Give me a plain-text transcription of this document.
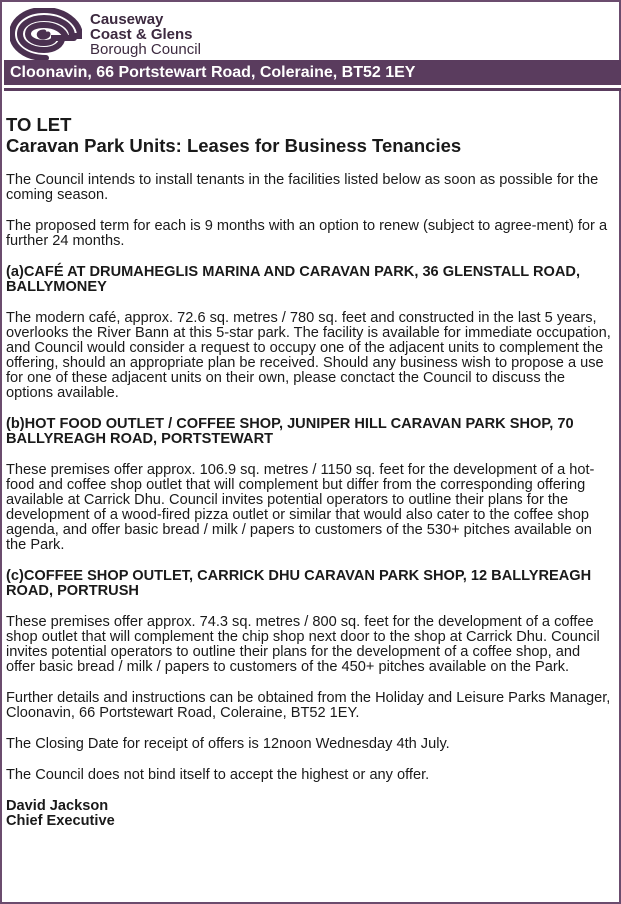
Causeway
Coast & Glens
Borough Council
Cloonavin, 66 Portstewart Road, Coleraine, BT52 1EY
TO LET
Caravan Park Units: Leases for Business Tenancies

The Council intends to install tenants in the facilities listed below as soon as possible for the coming season.

The proposed term for each is 9 months with an option to renew (subject to agree-ment) for a further 24 months.

(a)CAFÉ AT DRUMAHEGLIS MARINA AND CARAVAN PARK, 36 GLENSTALL ROAD, BALLYMONEY

The modern café, approx. 72.6 sq. metres / 780 sq. feet and constructed in the last 5 years, overlooks the River Bann at this 5-star park. The facility is available for immediate occupation, and Council would consider a request to occupy one of the adjacent units to complement the offering, should an appropriate plan be received. Should any business wish to propose a use for one of these adjacent units on their own, please conctact the Council to discuss the options available.

(b)HOT FOOD OUTLET / COFFEE SHOP, JUNIPER HILL CARAVAN PARK SHOP, 70 BALLYREAGH ROAD, PORTSTEWART

These premises offer approx. 106.9 sq. metres / 1150 sq. feet for the development of a hot-food and coffee shop outlet that will complement but differ from the corresponding offering available at Carrick Dhu. Council invites potential operators to outline their plans for the development of a wood-fired pizza outlet or similar that would also cater to the coffee shop agenda, and offer basic bread / milk / papers to customers of the 530+ pitches available on the Park.

(c)COFFEE SHOP OUTLET, CARRICK DHU CARAVAN PARK SHOP, 12 BALLYREAGH ROAD, PORTRUSH

These premises offer approx. 74.3 sq. metres / 800 sq. feet for the development of a coffee shop outlet that will complement the chip shop next door to the shop at Carrick Dhu. Council invites potential operators to outline their plans for the development of a coffee shop, and offer basic bread / milk / papers to customers of the 450+ pitches available on the Park.

Further details and instructions can be obtained from the Holiday and Leisure Parks Manager, Cloonavin, 66 Portstewart Road, Coleraine, BT52 1EY.

The Closing Date for receipt of offers is 12noon Wednesday 4th July.

The Council does not bind itself to accept the highest or any offer.

David Jackson
Chief Executive
